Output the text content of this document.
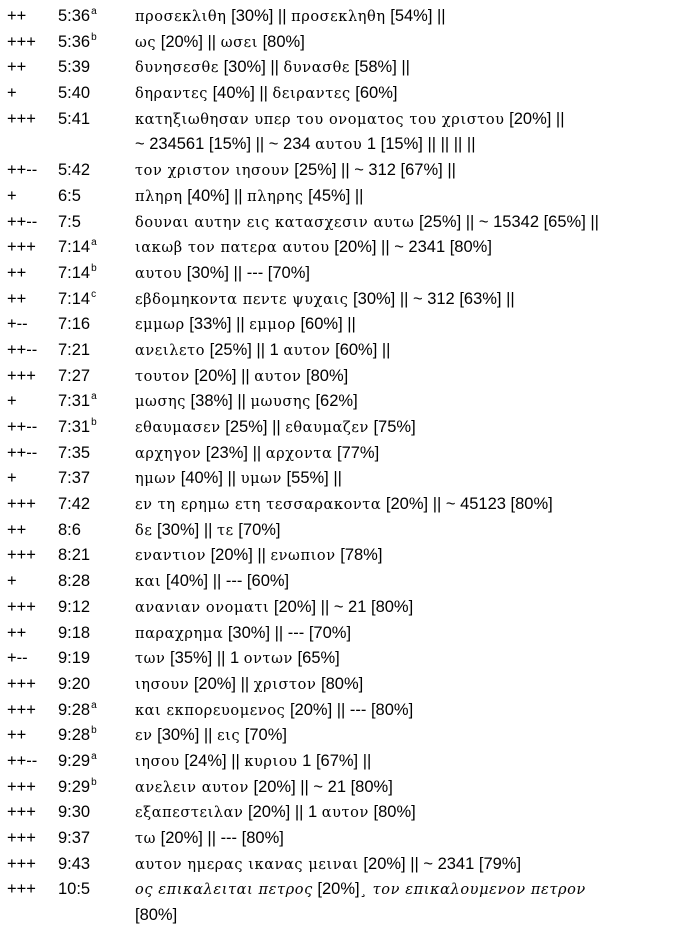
++ $5:36^a$	προσεκλιθη [30%] || προσεκληθη [54%] ||
+++ $5:36^b$	ως [20%] || ωσει [80%]
++ 5:39	δυνησεσθε [30%] || δυνασθε [58%] ||
+	5:40	δηραντες [40%] || δειραντες [60%]
+++ 5:41	κατηξιωθησαν υπερ του ονοματος του χριστου [20%] ||
~ 234561 [15%] || ~ 234 αυτου 1 [15%] || || || ||
++-- 5:42	τον χριστον ιησουν [25%] || ~ 312 [67%] ||
+	6:5	πληρη [40%] || πληρης [45%] ||
++-- 7:5	δουναι αυτην εις κατασχεσιν αυτω [25%] || ~ 15342 [65%] ||
+++ $7:14^a$	ιακωβ τον πατερα αυτου [20%] || ~ 2341 [80%]
++ $7:14^b$	αυτου [30%] || --- [70%]
++ $7:14^c$	εβδομηκοντα πεντε ψυχαις [30%] || ~ 312 [63%] ||
+-- 7:16	εμμωρ [33%] || εμμορ [60%] ||
++-- 7:21	ανειλετο [25%] || 1 αυτον [60%] ||
+++ 7:27	τουτον [20%] || αυτον [80%]
+	$7:31^a$	μωσης [38%] || μωυσης [62%]
++-- 7:31$^b$	εθαυμασεν [25%] || εθαυμαζεν [75%]
++-- 7:35	αρχηγον [23%] || αρχοντα [77%]
+	7:37	ημων [40%] || υμων [55%] ||
+++ 7:42	εν τη ερημω ετη τεσσαρακοντα [20%] || ~ 45123 [80%]
++ 8:6	δε [30%] || τε [70%]
+++ 8:21	εναντιον [20%] || ενωπιον [78%]
+	8:28	και [40%] || --- [60%]
+++ 9:12	ανανιαν ονοματι [20%] || ~ 21 [80%]
++ 9:18	παραχρημα [30%] || --- [70%]
+-- 9:19	των [35%] || 1 οντων [65%]
+++ 9:20	ιησουν [20%] || χριστον [80%]
+++ $9:28^a$	και εκπορευομενος [20%] || --- [80%]
++ $9:28^b$	εν [30%] || εις [70%]
++-- 9:29$^a$	ιησου [24%] || κυριου 1 [67%] ||
+++ $9:29^b$	ανελειν αυτον [20%] || ~ 21 [80%]
+++ 9:30	εξαπεστειλαν [20%] || 1 αυτον [80%]
+++ 9:37	τω [20%] || --- [80%]
+++ 9:43	αυτον ημερας ικανας μειναι [20%] || ~ 2341 [79%]
+++ 10:5	ος επικαλειται πετρος [20%]¸ τον επικαλουμενον πετρον
[80%]
